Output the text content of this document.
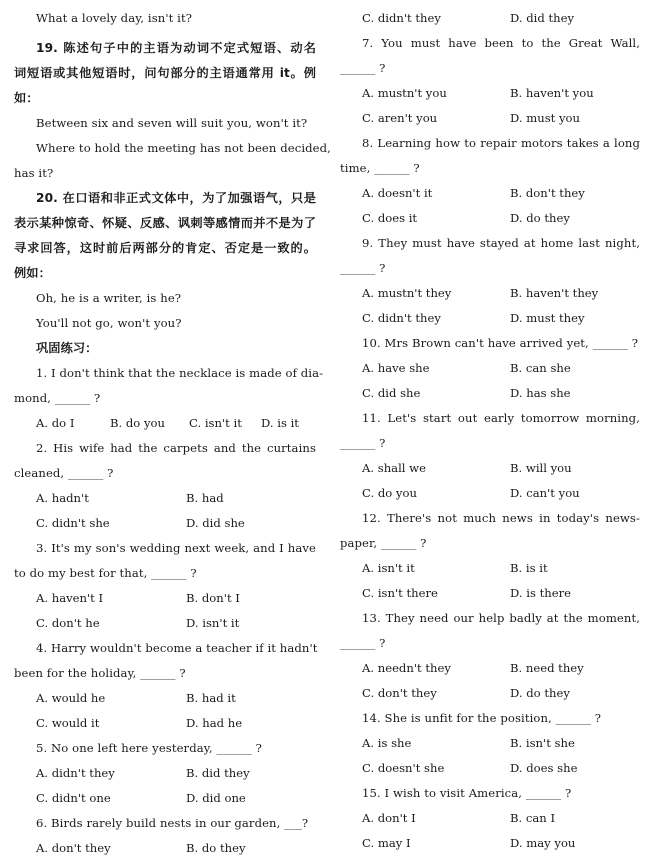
What a lovely day, isn't it?
19. 陈述句子中的主语为动词不定式短语、动名
词短语或其他短语时，问句部分的主语通常用 it。例
如：
Between six and seven will suit you, won't it?
Where to hold the meeting has not been decided,
has it?
20. 在口语和非正式文体中，为了加强语气，只是
表示某种惊奇、怀疑、反感、讽刺等感情而并不是为了
寻求回答，这时前后两部分的肯定、否定是一致的。
例如：
Oh, he is a writer, is he?
You'll not go, won't you?
巩固练习：
1. I don't think that the necklace is made of dia-
mond, ______ ?
A. do I	B. do you C. isn't it D. is it
2. His wife had the carpets and the curtains
cleaned, ______ ?
A. hadn't	B. had
C. didn't she	D. did she
3. It's my son's wedding next week, and I have
to do my best for that, ______ ?
A. haven't I	B. don't I
C. don't he	D. isn't it
4. Harry wouldn't become a teacher if it hadn't
been for the holiday, ______ ?
A. would he	B. had it
C. would it	D. had he
5. No one left here yesterday, ______ ?
A. didn't they	B. did they
C. didn't one	D. did one
6. Birds rarely build nests in our garden, ___?
A. don't they	B. do they
C. didn't they	D. did they
7. You must have been to the Great Wall,
______ ?
A. mustn't you	B. haven't you
C. aren't you	D. must you
8. Learning how to repair motors takes a long
time, ______ ?
A. doesn't it	B. don't they
C. does it	D. do they
9. They must have stayed at home last night,
______ ?
A. mustn't they	B. haven't they
C. didn't they	D. must they
10. Mrs Brown can't have arrived yet, ______ ?
A. have she	B. can she
C. did she	D. has she
11. Let's start out early tomorrow morning,
______ ?
A. shall we	B. will you
C. do you	D. can't you
12. There's not much news in today's news-
paper, ______ ?
A. isn't it	B. is it
C. isn't there	D. is there
13. They need our help badly at the moment,
______ ?
A. needn't they	B. need they
C. don't they	D. do they
14. She is unfit for the position, ______ ?
A. is she	B. isn't she
C. doesn't she	D. does she
15. I wish to visit America, ______ ?
A. don't I	B. can I
C. may I	D. may you
